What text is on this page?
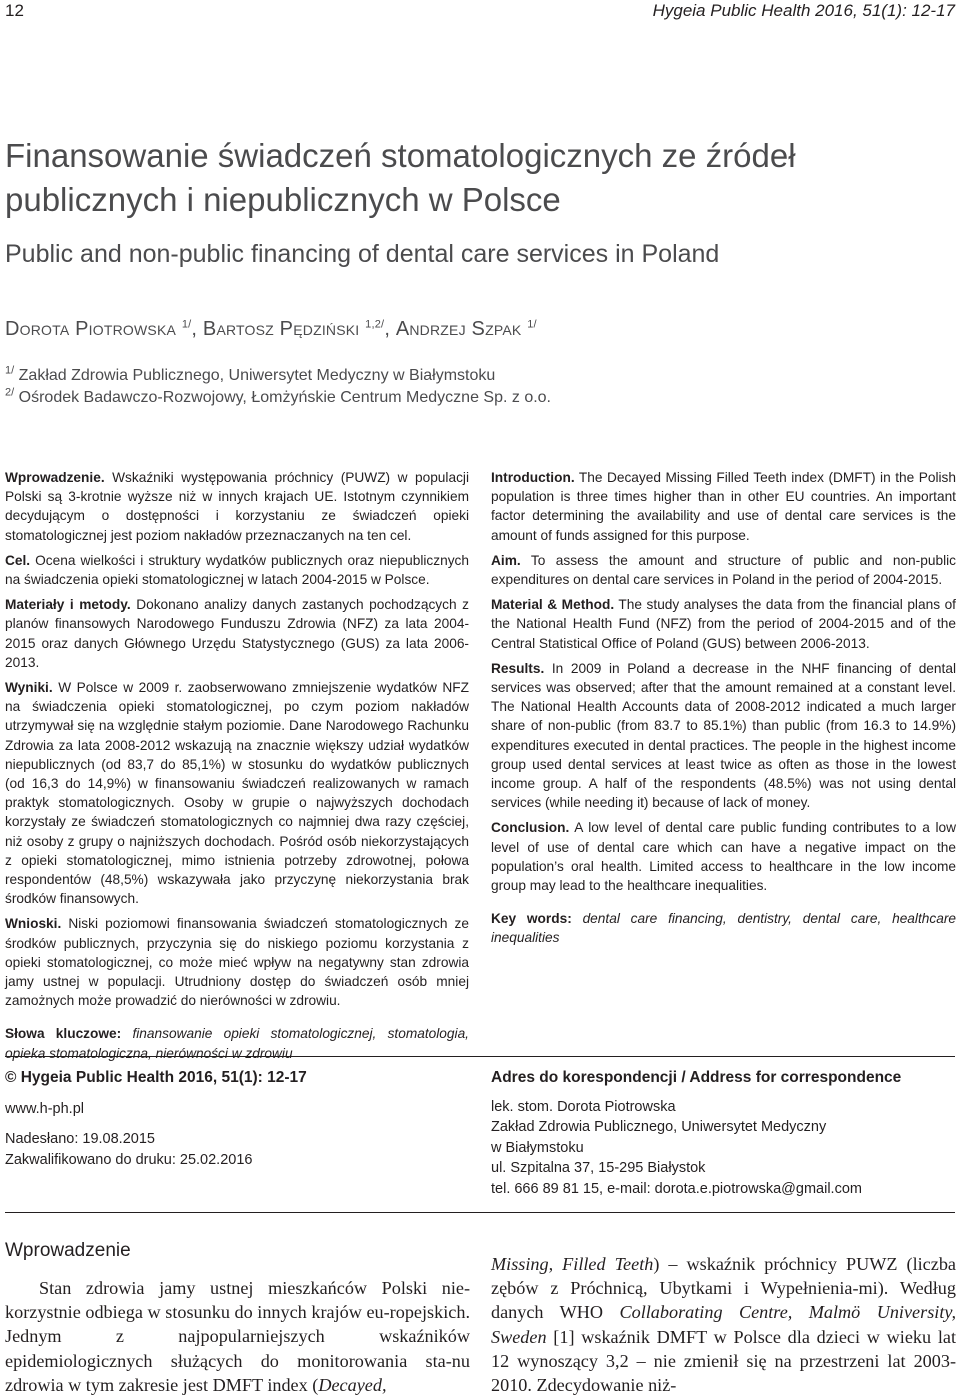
12	Hygeia Public Health 2016, 51(1): 12-17
Finansowanie świadczeń stomatologicznych ze źródeł publicznych i niepublicznych w Polsce
Public and non-public financing of dental care services in Poland
Dorota Piotrowska $^{1/}$, Bartosz Pędziński $^{1,2/}$, Andrzej Szpak $^{1/}$
$^{1/}$ Zakład Zdrowia Publicznego, Uniwersytet Medyczny w Białymstoku
$^{2/}$ Ośrodek Badawczo-Rozwojowy, Łomżyńskie Centrum Medyczne Sp. z o.o.

Wprowadzenie. Wskaźniki występowania próchnicy (PUWZ) w populacji Polski są 3-krotnie wyższe niż w innych krajach UE. Istotnym czynnikiem decydującym o dostępności i korzystaniu ze świadczeń opieki stomatologicznej jest poziom nakładów przeznaczanych na ten cel.

Cel. Ocena wielkości i struktury wydatków publicznych oraz niepublicznych na świadczenia opieki stomatologicznej w latach 2004-2015 w Polsce.

Materiały i metody. Dokonano analizy danych zastanych pochodzących z planów finansowych Narodowego Funduszu Zdrowia (NFZ) za lata 2004-2015 oraz danych Głównego Urzędu Statystycznego (GUS) za lata 2006-2013.

Wyniki. W Polsce w 2009 r. zaobserwowano zmniejszenie wydatków NFZ na świadczenia opieki stomatologicznej, po czym poziom nakładów utrzymywał się na względnie stałym poziomie. Dane Narodowego Rachunku Zdrowia za lata 2008-2012 wskazują na znacznie większy udział wydatków niepublicznych (od 83,7 do 85,1%) w stosunku do wydatków publicznych (od 16,3 do 14,9%) w finansowaniu świadczeń realizowanych w ramach praktyk stomatologicznych. Osoby w grupie o najwyższych dochodach korzystały ze świadczeń stomatologicznych co najmniej dwa razy częściej, niż osoby z grupy o najniższych dochodach. Pośród osób niekorzystających z opieki stomatologicznej, mimo istnienia potrzeby zdrowotnej, połowa respondentów (48,5%) wskazywała jako przyczynę niekorzystania brak środków finansowych.

Wnioski. Niski poziomowi finansowania świadczeń stomatologicznych ze środków publicznych, przyczynia się do niskiego poziomu korzystania z opieki stomatologicznej, co może mieć wpływ na negatywny stan zdrowia jamy ustnej w populacji. Utrudniony dostęp do świadczeń osób mniej zamożnych może prowadzić do nierówności w zdrowiu.

Słowa kluczowe: finansowanie opieki stomatologicznej, stomatologia, opieka stomatologiczna, nierówności w zdrowiu

Introduction. The Decayed Missing Filled Teeth index (DMFT) in the Polish population is three times higher than in other EU countries. An important factor determining the availability and use of dental care services is the amount of funds assigned for this purpose.

Aim. To assess the amount and structure of public and non-public expenditures on dental care services in Poland in the period of 2004-2015.

Material & Method. The study analyses the data from the financial plans of the National Health Fund (NFZ) from the period of 2004-2015 and of the Central Statistical Office of Poland (GUS) between 2006-2013.

Results. In 2009 in Poland a decrease in the NHF financing of dental services was observed; after that the amount remained at a constant level. The National Health Accounts data of 2008-2012 indicated a much larger share of non-public (from 83.7 to 85.1%) than public (from 16.3 to 14.9%) expenditures executed in dental practices. The people in the highest income group used dental services at least twice as often as those in the lowest income group. A half of the respondents (48.5%) was not using dental services (while needing it) because of lack of money.

Conclusion. A low level of dental care public funding contributes to a low level of use of dental care which can have a negative impact on the population’s oral health. Limited access to healthcare in the low income group may lead to the healthcare inequalities.

Key words: dental care financing, dentistry, dental care, healthcare inequalities

© Hygeia Public Health 2016, 51(1): 12-17
www.h-ph.pl
Nadesłano: 19.08.2015
Zakwalifikowano do druku: 25.02.2016
Adres do korespondencji / Address for correspondence
lek. stom. Dorota Piotrowska
Zakład Zdrowia Publicznego, Uniwersytet Medyczny
w Białymstoku
ul. Szpitalna 37, 15-295 Białystok
tel. 666 89 81 15, e-mail: dorota.e.piotrowska@gmail.com
Wprowadzenie
Stan zdrowia jamy ustnej mieszkańców Polski nie-korzystnie odbiega w stosunku do innych krajów eu-ropejskich. Jednym z najpopularniejszych wskaźników epidemiologicznych służących do monitorowania sta-nu zdrowia w tym zakresie jest DMFT index (Decayed,
Missing, Filled Teeth) – wskaźnik próchnicy PUWZ (liczba zębów z Próchnicą, Ubytkami i Wypełnienia-mi). Według danych WHO Collaborating Centre, Malmö University, Sweden [1] wskaźnik DMFT w Polsce dla dzieci w wieku lat 12 wynoszący 3,2 – nie zmienił się na przestrzeni lat 2003-2010. Zdecydowanie niż-
